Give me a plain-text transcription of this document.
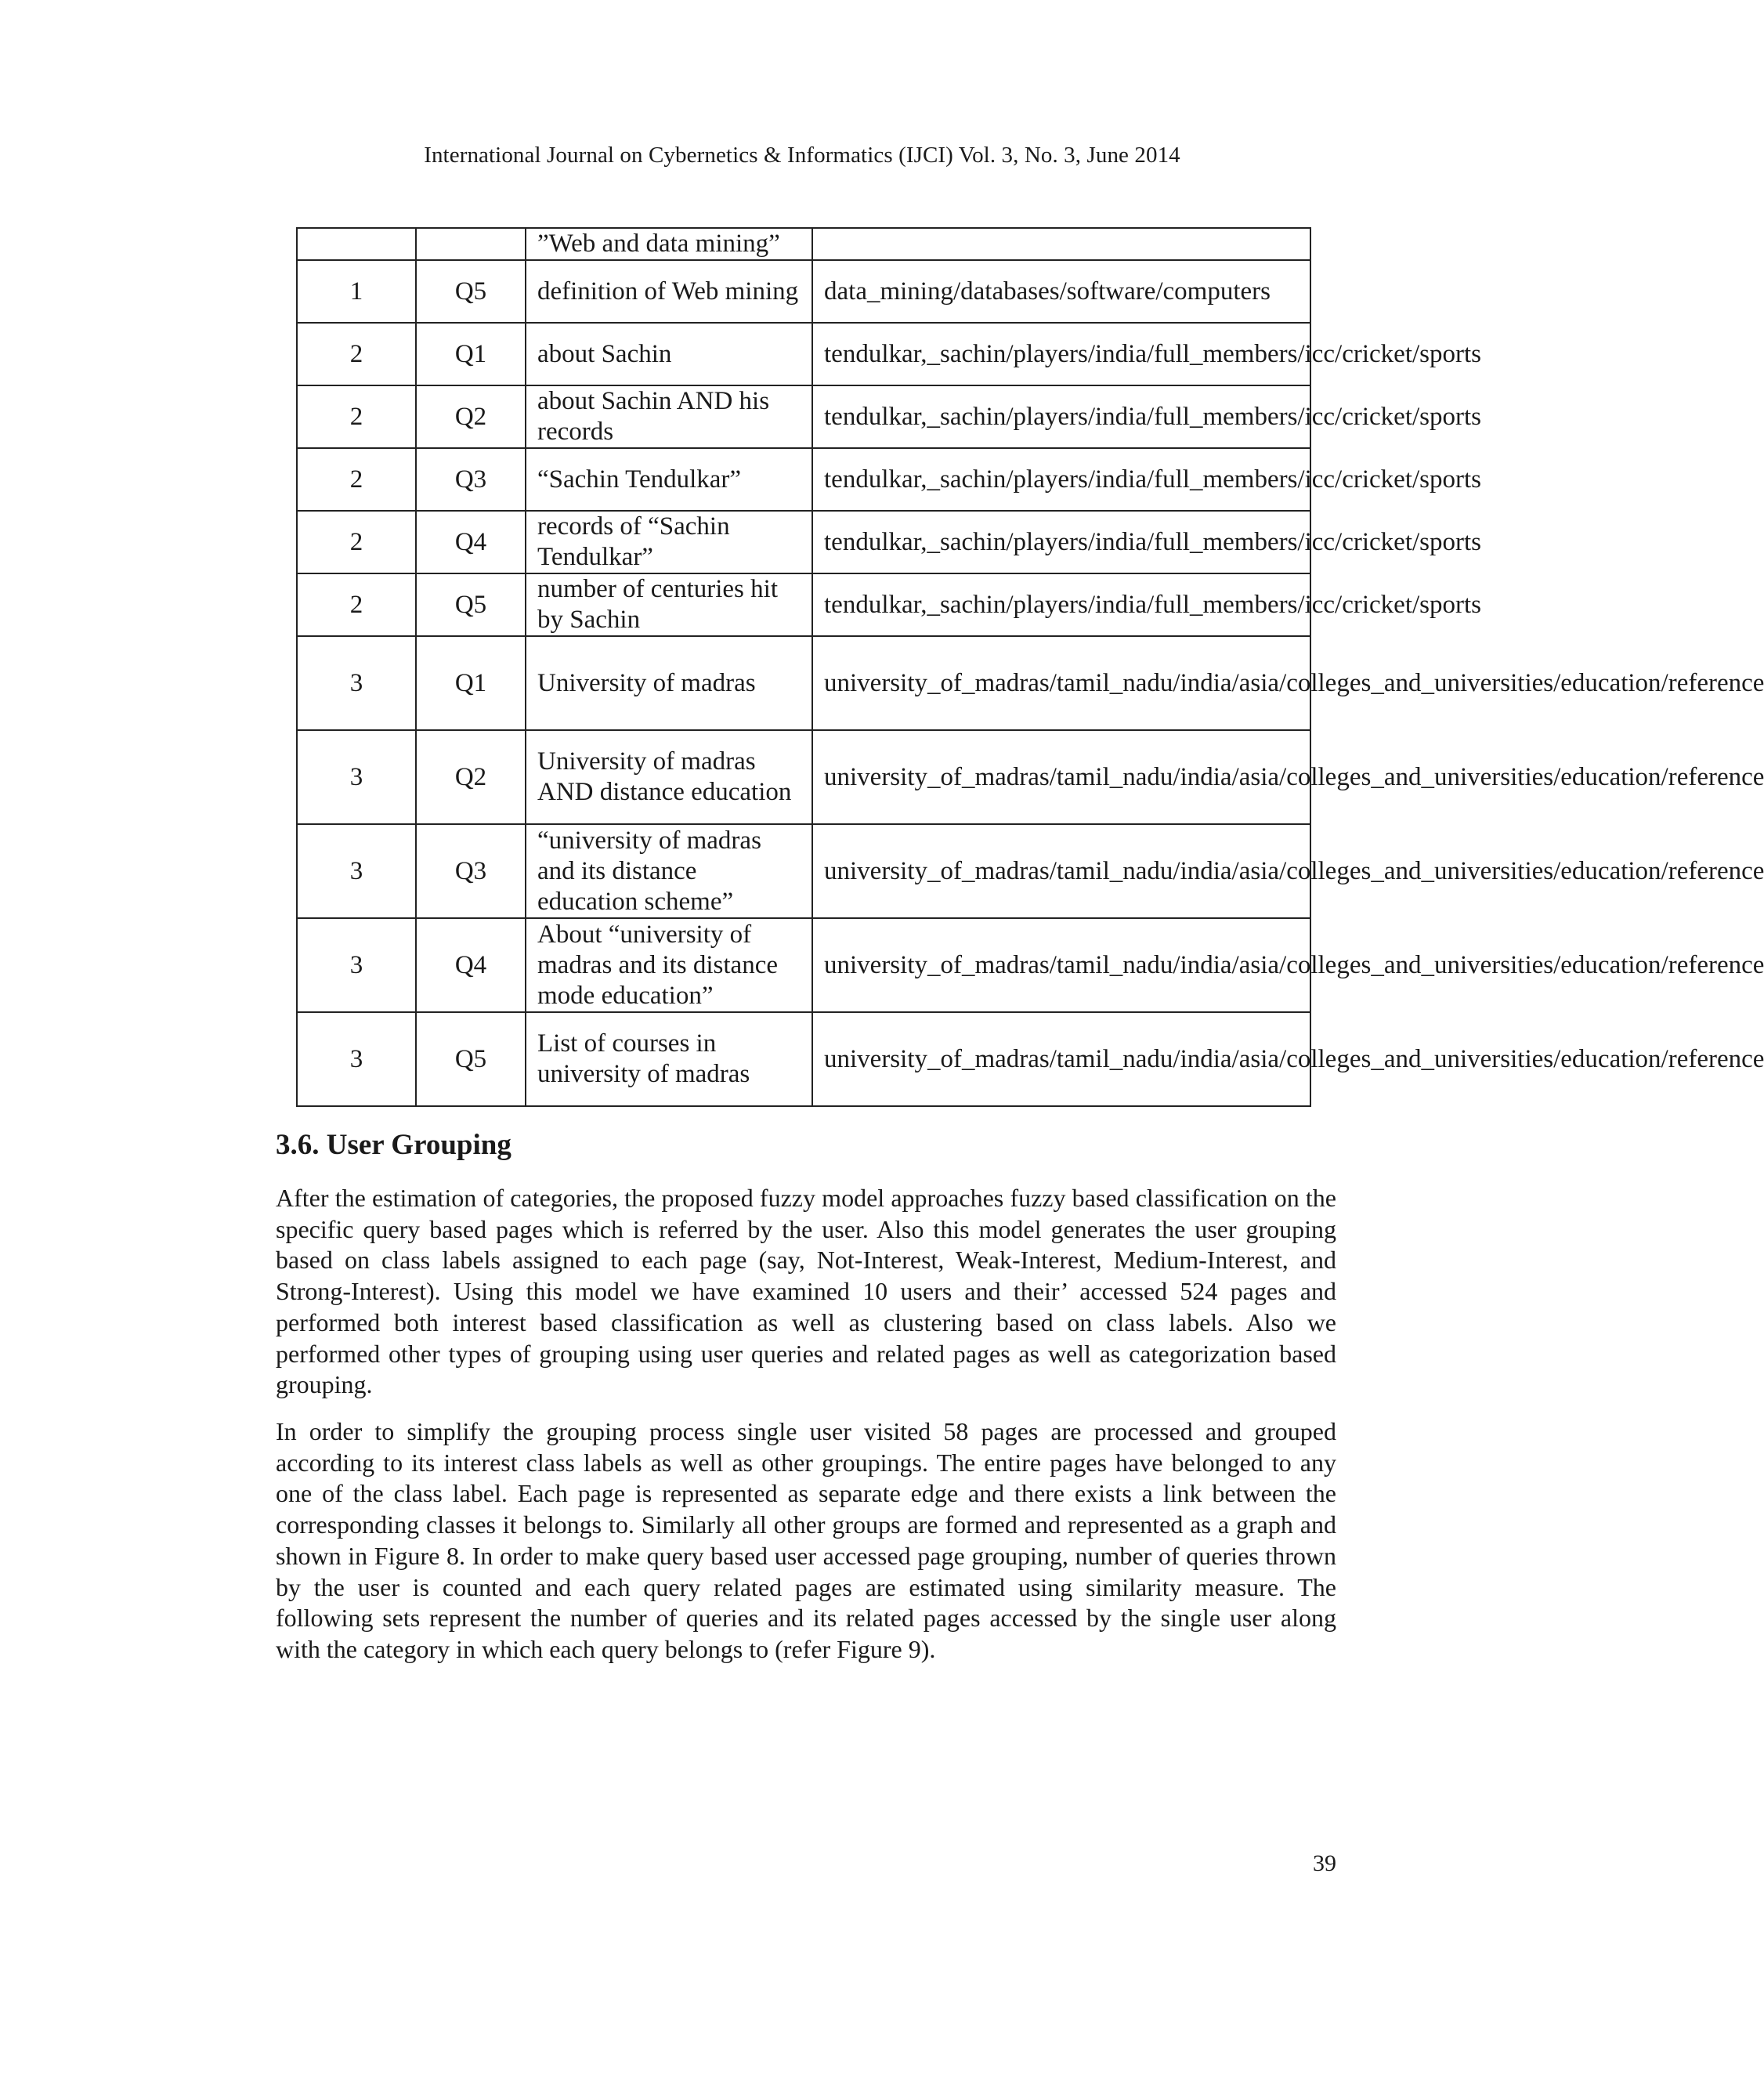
International Journal on Cybernetics & Informatics (IJCI) Vol. 3, No. 3, June 2014
		”Web and data mining”	
1	Q5	definition of Web mining	data_mining/databases/software/computers
2	Q1	about Sachin	tendulkar,_sachin/players/india/full_members/icc/cricket/sports
2	Q2	about Sachin AND his records	tendulkar,_sachin/players/india/full_members/icc/cricket/sports
2	Q3	“Sachin Tendulkar”	tendulkar,_sachin/players/india/full_members/icc/cricket/sports
2	Q4	records of “Sachin Tendulkar”	tendulkar,_sachin/players/india/full_members/icc/cricket/sports
2	Q5	number of centuries hit by Sachin	tendulkar,_sachin/players/india/full_members/icc/cricket/sports
3	Q1	University of madras	university_of_madras/tamil_nadu/india/asia/colleges_and_universities/education/reference
3	Q2	University of madras AND distance education	university_of_madras/tamil_nadu/india/asia/colleges_and_universities/education/reference
3	Q3	“university of madras and its distance education scheme”	university_of_madras/tamil_nadu/india/asia/colleges_and_universities/education/reference
3	Q4	About “university of madras and its distance mode education”	university_of_madras/tamil_nadu/india/asia/colleges_and_universities/education/reference
3	Q5	List of courses in university of madras	university_of_madras/tamil_nadu/india/asia/colleges_and_universities/education/reference
3.6. User Grouping
After the estimation of categories, the proposed fuzzy model approaches fuzzy based classification on the specific query based pages which is referred by the user. Also this model generates the user grouping based on class labels assigned to each page (say, Not-Interest, Weak-Interest, Medium-Interest, and Strong-Interest). Using this model we have examined 10 users and their’ accessed 524 pages and performed both interest based classification as well as clustering based on class labels. Also we performed other types of grouping using user queries and related pages as well as categorization based grouping.
In order to simplify the grouping process single user visited 58 pages are processed and grouped according to its interest class labels as well as other groupings. The entire pages have belonged to any one of the class label. Each page is represented as separate edge and there exists a link between the corresponding classes it belongs to. Similarly all other groups are formed and represented as a graph and shown in Figure 8. In order to make query based user accessed page grouping, number of queries thrown by the user is counted and each query related pages are estimated using similarity measure. The following sets represent the number of queries and its related pages accessed by the single user along with the category in which each query belongs to (refer Figure 9).
39
